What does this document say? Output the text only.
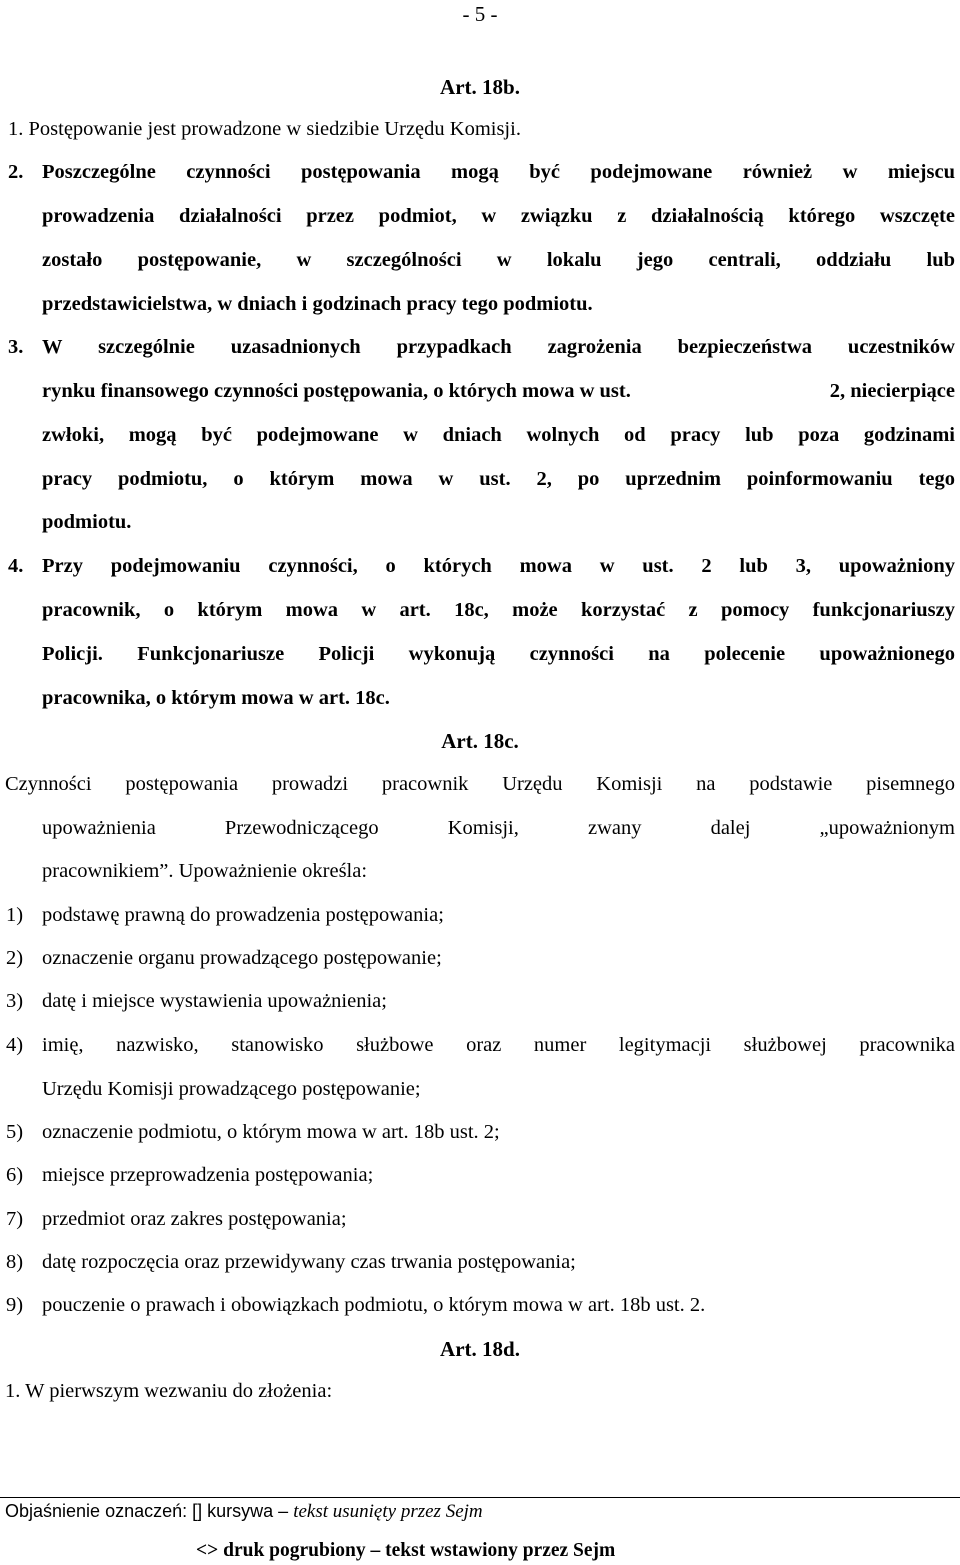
- 5 -
Art. 18b.
1. Postępowanie jest prowadzone w siedzibie Urzędu Komisji.
2. Poszczególne czynności postępowania mogą być podejmowane również w miejscu
prowadzenia działalności przez podmiot, w związku z działalnością którego wszczęte
zostało postępowanie, w szczególności w lokalu jego centrali, oddziału lub
przedstawicielstwa, w dniach i godzinach pracy tego podmiotu.
3. W szczególnie uzasadnionych przypadkach zagrożenia bezpieczeństwa uczestników
rynku finansowego czynności postępowania, o których mowa w ust.	2, niecierpiące
zwłoki, mogą być podejmowane w dniach wolnych od pracy lub poza godzinami
pracy podmiotu, o którym mowa w ust. 2, po uprzednim poinformowaniu tego
podmiotu.
4. Przy podejmowaniu czynności, o których mowa w ust. 2 lub 3, upoważniony
pracownik, o którym mowa w art. 18c, może korzystać z pomocy funkcjonariuszy
Policji. Funkcjonariusze Policji wykonują czynności na polecenie upoważnionego
pracownika, o którym mowa w art. 18c.
Art. 18c.
Czynności postępowania prowadzi pracownik Urzędu Komisji na podstawie pisemnego
upoważnienia Przewodniczącego Komisji, zwany dalej „upoważnionym
pracownikiem”. Upoważnienie określa:
1) podstawę prawną do prowadzenia postępowania;
2) oznaczenie organu prowadzącego postępowanie;
3) datę i miejsce wystawienia upoważnienia;
4) imię, nazwisko, stanowisko służbowe oraz numer legitymacji służbowej pracownika
Urzędu Komisji prowadzącego postępowanie;
5) oznaczenie podmiotu, o którym mowa w art. 18b ust. 2;
6) miejsce przeprowadzenia postępowania;
7) przedmiot oraz zakres postępowania;
8) datę rozpoczęcia oraz przewidywany czas trwania postępowania;
9) pouczenie o prawach i obowiązkach podmiotu, o którym mowa w art. 18b ust. 2.
Art. 18d.
1. W pierwszym wezwaniu do złożenia:
Objaśnienie oznaczeń: [] kursywa – tekst usunięty przez Sejm
<> druk pogrubiony – tekst wstawiony przez Sejm
